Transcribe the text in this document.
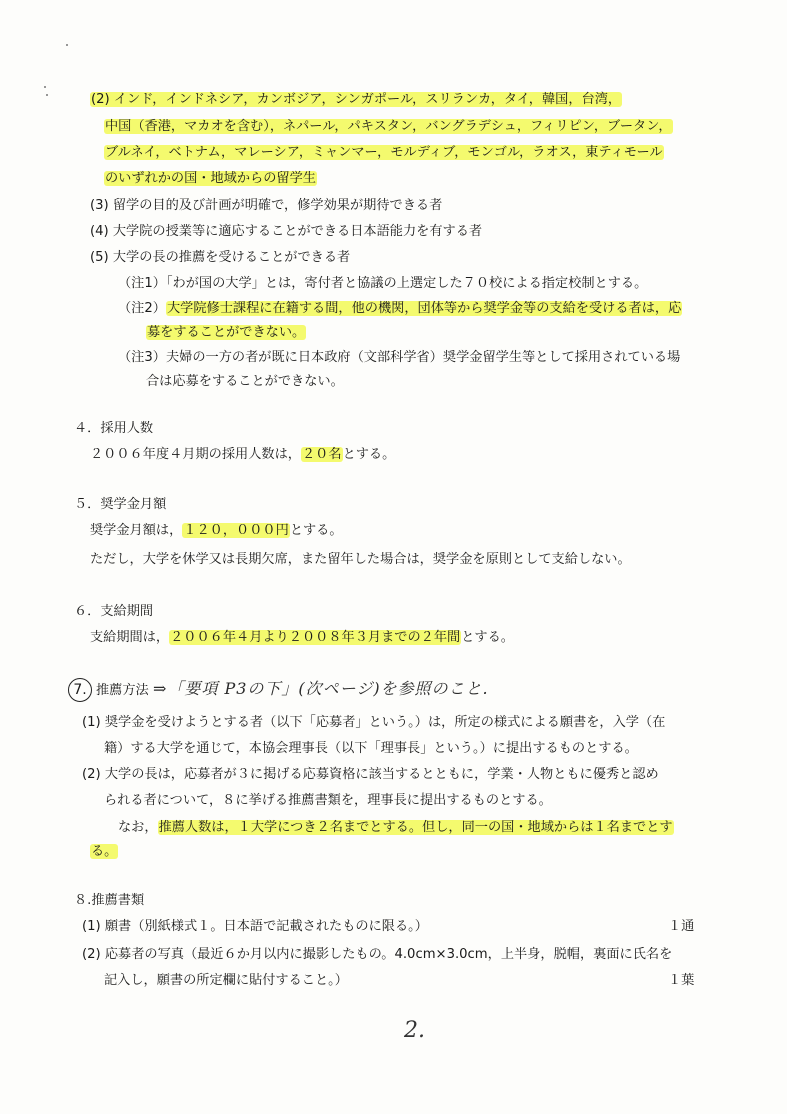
(2) インド，インドネシア，カンボジア，シンガポール，スリランカ，タイ，韓国，台湾，
中国（香港，マカオを含む），ネパール，パキスタン，バングラデシュ，フィリピン，ブータン，
ブルネイ，ベトナム，マレーシア，ミャンマー，モルディブ，モンゴル，ラオス，東ティモール
のいずれかの国・地域からの留学生
(3) 留学の目的及び計画が明確で，修学効果が期待できる者
(4) 大学院の授業等に適応することができる日本語能力を有する者
(5) 大学の長の推薦を受けることができる者
（注1）「わが国の大学」とは，寄付者と協議の上選定した７０校による指定校制とする。
（注2）大学院修士課程に在籍する間，他の機関，団体等から奨学金等の支給を受ける者は，応
募をすることができない。
（注3）夫婦の一方の者が既に日本政府（文部科学省）奨学金留学生等として採用されている場
合は応募をすることができない。
４．採用人数
２００６年度４月期の採用人数は，２０名とする。
５．奨学金月額
奨学金月額は，１２０，０００円とする。
ただし，大学を休学又は長期欠席，また留年した場合は，奨学金を原則として支給しない。
６．支給期間
支給期間は，２００６年４月より２００８年３月までの２年間とする。
7. 推薦方法 ⇒「要項 P3の下」(次ページ)を参照のこと.
(1) 奨学金を受けようとする者（以下「応募者」という。）は，所定の様式による願書を，入学（在
籍）する大学を通じて，本協会理事長（以下「理事長」という。）に提出するものとする。
(2) 大学の長は，応募者が３に掲げる応募資格に該当するとともに，学業・人物ともに優秀と認め
られる者について，８に挙げる推薦書類を，理事長に提出するものとする。
なお，推薦人数は，１大学につき２名までとする。但し，同一の国・地域からは１名までとす
る。
８.推薦書類
(1) 願書（別紙様式１。日本語で記載されたものに限る。）	１通
(2) 応募者の写真（最近６か月以内に撮影したもの。4.0cm×3.0cm，上半身，脱帽，裏面に氏名を
記入し，願書の所定欄に貼付すること。）	１葉
2.
